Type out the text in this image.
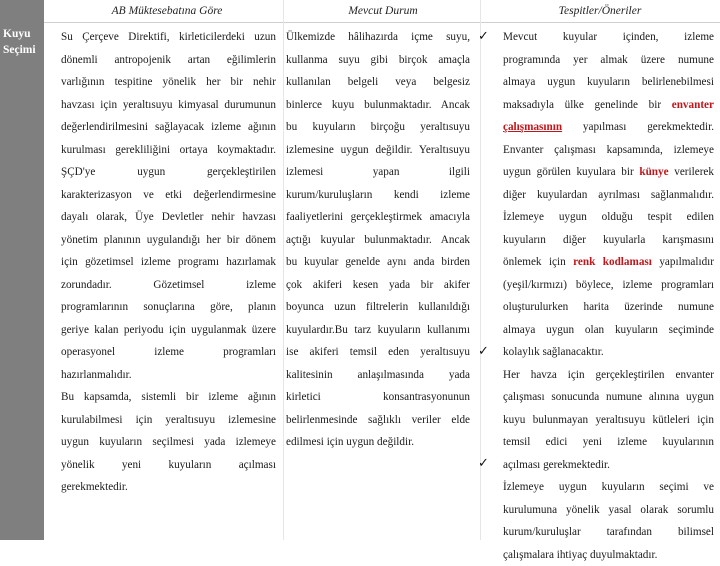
Kuyu
Seçimi
AB Müktesebatına Göre	Mevcut Durum	Tespitler/Öneriler

Su Çerçeve Direktifi, kirleticilerdeki uzun

dönemli antropojenik artan eğilimlerin

varlığının tespitine yönelik her bir nehir

havzası için yeraltısuyu kimyasal durumunun

değerlendirilmesini sağlayacak izleme ağının

kurulması gerekliliğini ortaya koymaktadır.

ŞÇD'ye uygun gerçekleştirilen

karakterizasyon ve etki değerlendirmesine

dayalı olarak, Üye Devletler nehir havzası

yönetim planının uygulandığı her bir dönem

için gözetimsel izleme programı hazırlamak

zorundadır. Gözetimsel izleme

programlarının sonuçlarına göre, planın

geriye kalan periyodu için uygulanmak üzere

operasyonel izleme programları

hazırlanmalıdır.

Bu kapsamda, sistemli bir izleme ağının

kurulabilmesi için yeraltısuyu izlemesine

uygun kuyuların seçilmesi yada izlemeye

yönelik yeni kuyuların açılması

gerekmektedir.

Ülkemizde hâlihazırda içme suyu,

kullanma suyu gibi birçok amaçla

kullanılan belgeli veya belgesiz

binlerce kuyu bulunmaktadır. Ancak

bu kuyuların birçoğu yeraltısuyu

izlemesine uygun değildir. Yeraltısuyu

izlemesi yapan ilgili

kurum/kuruluşların kendi izleme

faaliyetlerini gerçekleştirmek amacıyla

açtığı kuyular bulunmaktadır. Ancak

bu kuyular genelde aynı anda birden

çok akiferi kesen yada bir akifer

boyunca uzun filtrelerin kullanıldığı

kuyulardır.Bu tarz kuyuların kullanımı

ise akiferi temsil eden yeraltısuyu

kalitesinin anlaşılmasında yada

kirletici konsantrasyonunun

belirlenmesinde sağlıklı veriler elde

edilmesi için uygun değildir.

✓
✓
✓

Mevcut kuyular içinden, izleme

programında yer almak üzere numune

almaya uygun kuyuların belirlenebilmesi

maksadıyla ülke genelinde bir envanter

çalışmasının yapılması gerekmektedir.

Envanter çalışması kapsamında, izlemeye

uygun görülen kuyulara bir künye verilerek

diğer kuyulardan ayrılması sağlanmalıdır.

İzlemeye uygun olduğu tespit edilen

kuyuların diğer kuyularla karışmasını

önlemek için renk kodlaması yapılmalıdır

(yeşil/kırmızı) böylece, izleme programları

oluşturulurken harita üzerinde numune

almaya uygun olan kuyuların seçiminde

kolaylık sağlanacaktır.

Her havza için gerçekleştirilen envanter

çalışması sonucunda numune alınına uygun

kuyu bulunmayan yeraltısuyu kütleleri için

temsil edici yeni izleme kuyularının

açılması gerekmektedir.

İzlemeye uygun kuyuların seçimi ve

kurulumuna yönelik yasal olarak sorumlu

kurum/kuruluşlar tarafından bilimsel

çalışmalara ihtiyaç duyulmaktadır.
